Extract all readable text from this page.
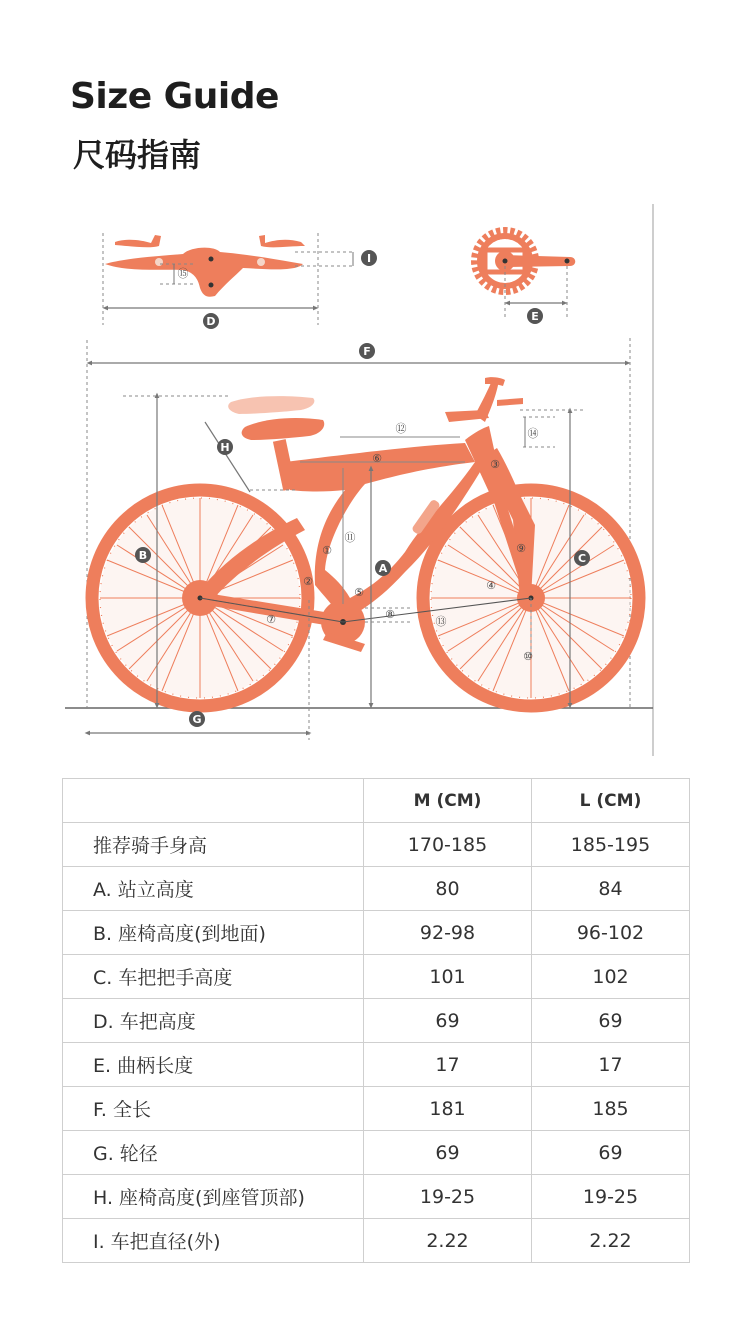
Size Guide
尺码指南
A
B	C
D	E
F
G
H
I
①
②
③
④
⑤
⑥
⑦	⑧
⑨
⑩
⑪
⑫
⑬
⑭
⑮
	M (CM)	L (CM)
推荐骑手身高	170-185	185-195
A. 站立高度	80	84
B. 座椅高度(到地面)	92-98	96-102
C. 车把把手高度	101	102
D. 车把高度	69	69
E. 曲柄长度	17	17
F. 全长	181	185
G. 轮径	69	69
H. 座椅高度(到座管顶部)	19-25	19-25
I. 车把直径(外)	2.22	2.22
